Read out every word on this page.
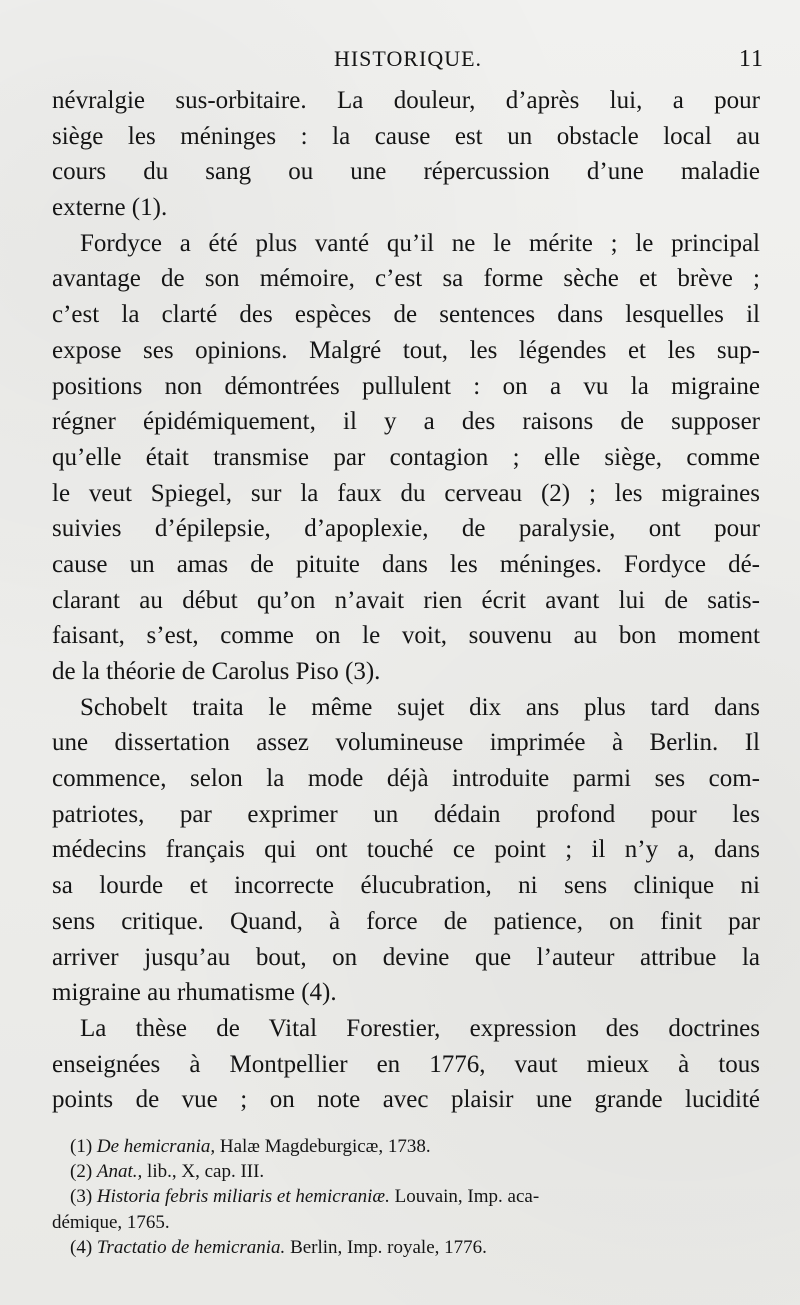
HISTORIQUE.	11
névralgie sus-orbitaire. La douleur, d’après lui, a pour
siège les méninges : la cause est un obstacle local au
cours du sang ou une répercussion d’une maladie
externe (1).
Fordyce a été plus vanté qu’il ne le mérite ; le principal
avantage de son mémoire, c’est sa forme sèche et brève ;
c’est la clarté des espèces de sentences dans lesquelles il
expose ses opinions. Malgré tout, les légendes et les sup-
positions non démontrées pullulent : on a vu la migraine
régner épidémiquement, il y a des raisons de supposer
qu’elle était transmise par contagion ; elle siège, comme
le veut Spiegel, sur la faux du cerveau (2) ; les migraines
suivies d’épilepsie, d’apoplexie, de paralysie, ont pour
cause un amas de pituite dans les méninges. Fordyce dé-
clarant au début qu’on n’avait rien écrit avant lui de satis-
faisant, s’est, comme on le voit, souvenu au bon moment
de la théorie de Carolus Piso (3).
Schobelt traita le même sujet dix ans plus tard dans
une dissertation assez volumineuse imprimée à Berlin. Il
commence, selon la mode déjà introduite parmi ses com-
patriotes, par exprimer un dédain profond pour les
médecins français qui ont touché ce point ; il n’y a, dans
sa lourde et incorrecte élucubration, ni sens clinique ni
sens critique. Quand, à force de patience, on finit par
arriver jusqu’au bout, on devine que l’auteur attribue la
migraine au rhumatisme (4).
La thèse de Vital Forestier, expression des doctrines
enseignées à Montpellier en 1776, vaut mieux à tous
points de vue ; on note avec plaisir une grande lucidité
(1) De hemicrania, Halæ Magdeburgicæ, 1738.
(2) Anat., lib., X, cap. III.
(3) Historia febris miliaris et hemicraniæ. Louvain, Imp. aca-
démique, 1765.
(4) Tractatio de hemicrania. Berlin, Imp. royale, 1776.
